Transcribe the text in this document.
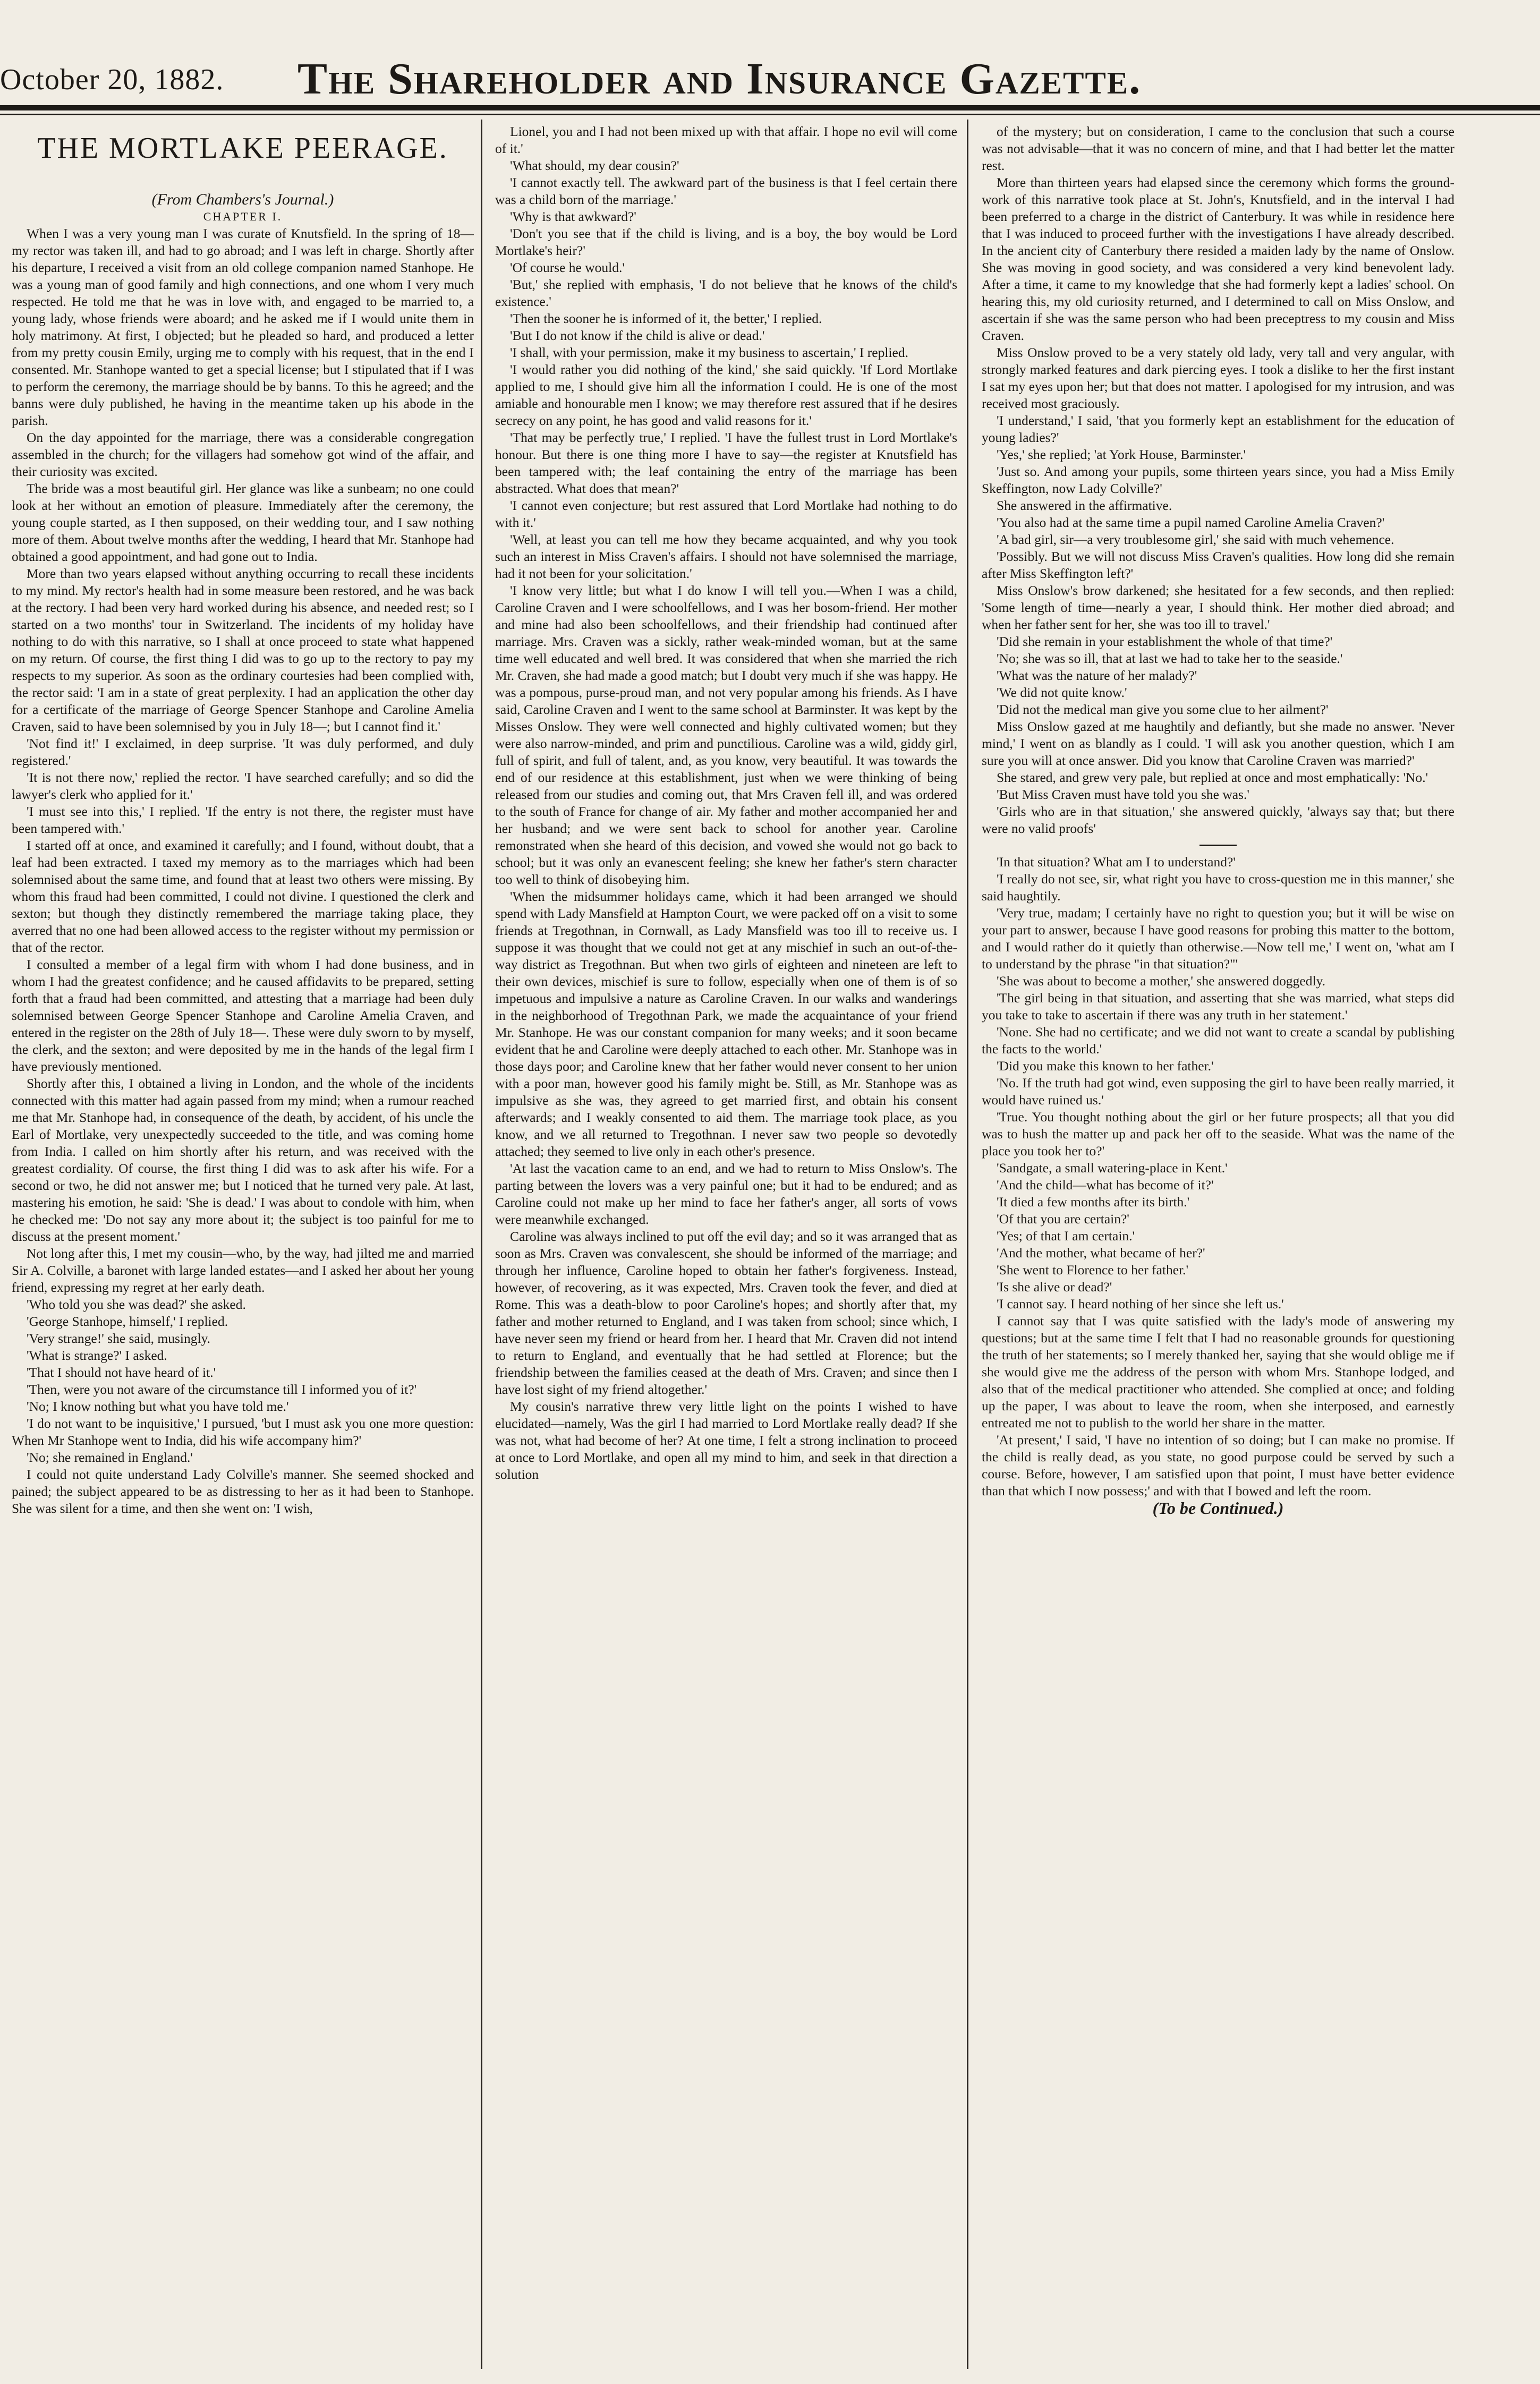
October 20, 1882. The Shareholder and Insurance Gazette.
THE MORTLAKE PEERAGE.

(From Chambers's Journal.)

CHAPTER I.

When I was a very young man I was curate of Knutsfield. In the spring of 18— my rector was taken ill, and had to go abroad; and I was left in charge. Shortly after his departure, I received a visit from an old college companion named Stanhope. He was a young man of good family and high connections, and one whom I very much respected. He told me that he was in love with, and engaged to be married to, a young lady, whose friends were aboard; and he asked me if I would unite them in holy matrimony. At first, I objected; but he pleaded so hard, and produced a letter from my pretty cousin Emily, urging me to comply with his request, that in the end I consented. Mr. Stanhope wanted to get a special license; but I stipulated that if I was to perform the ceremony, the marriage should be by banns. To this he agreed; and the banns were duly published, he having in the meantime taken up his abode in the parish.

On the day appointed for the marriage, there was a considerable congregation assembled in the church; for the villagers had somehow got wind of the affair, and their curiosity was excited.

The bride was a most beautiful girl. Her glance was like a sunbeam; no one could look at her without an emotion of pleasure. Immediately after the ceremony, the young couple started, as I then supposed, on their wedding tour, and I saw nothing more of them. About twelve months after the wedding, I heard that Mr. Stanhope had obtained a good appointment, and had gone out to India.

More than two years elapsed without anything occurring to recall these incidents to my mind. My rector's health had in some measure been restored, and he was back at the rectory. I had been very hard worked during his absence, and needed rest; so I started on a two months' tour in Switzerland. The incidents of my holiday have nothing to do with this narrative, so I shall at once proceed to state what happened on my return. Of course, the first thing I did was to go up to the rectory to pay my respects to my superior. As soon as the ordinary courtesies had been complied with, the rector said: 'I am in a state of great perplexity. I had an application the other day for a certificate of the marriage of George Spencer Stanhope and Caroline Amelia Craven, said to have been solemnised by you in July 18—; but I cannot find it.'

'Not find it!' I exclaimed, in deep surprise. 'It was duly performed, and duly registered.'

'It is not there now,' replied the rector. 'I have searched carefully; and so did the lawyer's clerk who applied for it.'

'I must see into this,' I replied. 'If the entry is not there, the register must have been tampered with.'

I started off at once, and examined it carefully; and I found, without doubt, that a leaf had been extracted. I taxed my memory as to the marriages which had been solemnised about the same time, and found that at least two others were missing. By whom this fraud had been committed, I could not divine. I questioned the clerk and sexton; but though they distinctly remembered the marriage taking place, they averred that no one had been allowed access to the register without my permission or that of the rector.

I consulted a member of a legal firm with whom I had done business, and in whom I had the greatest confidence; and he caused affidavits to be prepared, setting forth that a fraud had been committed, and attesting that a marriage had been duly solemnised between George Spencer Stanhope and Caroline Amelia Craven, and entered in the register on the 28th of July 18—. These were duly sworn to by myself, the clerk, and the sexton; and were deposited by me in the hands of the legal firm I have previously mentioned.

Shortly after this, I obtained a living in London, and the whole of the incidents connected with this matter had again passed from my mind; when a rumour reached me that Mr. Stanhope had, in consequence of the death, by accident, of his uncle the Earl of Mortlake, very unexpectedly succeeded to the title, and was coming home from India. I called on him shortly after his return, and was received with the greatest cordiality. Of course, the first thing I did was to ask after his wife. For a second or two, he did not answer me; but I noticed that he turned very pale. At last, mastering his emotion, he said: 'She is dead.' I was about to condole with him, when he checked me: 'Do not say any more about it; the subject is too painful for me to discuss at the present moment.'

Not long after this, I met my cousin—who, by the way, had jilted me and married Sir A. Colville, a baronet with large landed estates—and I asked her about her young friend, expressing my regret at her early death.

'Who told you she was dead?' she asked.

'George Stanhope, himself,' I replied.

'Very strange!' she said, musingly.

'What is strange?' I asked.

'That I should not have heard of it.'

'Then, were you not aware of the circumstance till I informed you of it?'

'No; I know nothing but what you have told me.'

'I do not want to be inquisitive,' I pursued, 'but I must ask you one more question: When Mr Stanhope went to India, did his wife accompany him?'

'No; she remained in England.'

I could not quite understand Lady Colville's manner. She seemed shocked and pained; the subject appeared to be as distressing to her as it had been to Stanhope. She was silent for a time, and then she went on: 'I wish,

Lionel, you and I had not been mixed up with that affair. I hope no evil will come of it.'

'What should, my dear cousin?'

'I cannot exactly tell. The awkward part of the business is that I feel certain there was a child born of the marriage.'

'Why is that awkward?'

'Don't you see that if the child is living, and is a boy, the boy would be Lord Mortlake's heir?'

'Of course he would.'

'But,' she replied with emphasis, 'I do not believe that he knows of the child's existence.'

'Then the sooner he is informed of it, the better,' I replied.

'But I do not know if the child is alive or dead.'

'I shall, with your permission, make it my business to ascertain,' I replied.

'I would rather you did nothing of the kind,' she said quickly. 'If Lord Mortlake applied to me, I should give him all the information I could. He is one of the most amiable and honourable men I know; we may therefore rest assured that if he desires secrecy on any point, he has good and valid reasons for it.'

'That may be perfectly true,' I replied. 'I have the fullest trust in Lord Mortlake's honour. But there is one thing more I have to say—the register at Knutsfield has been tampered with; the leaf containing the entry of the marriage has been abstracted. What does that mean?'

'I cannot even conjecture; but rest assured that Lord Mortlake had nothing to do with it.'

'Well, at least you can tell me how they became acquainted, and why you took such an interest in Miss Craven's affairs. I should not have solemnised the marriage, had it not been for your solicitation.'

'I know very little; but what I do know I will tell you.—When I was a child, Caroline Craven and I were schoolfellows, and I was her bosom-friend. Her mother and mine had also been schoolfellows, and their friendship had continued after marriage. Mrs. Craven was a sickly, rather weak-minded woman, but at the same time well educated and well bred. It was considered that when she married the rich Mr. Craven, she had made a good match; but I doubt very much if she was happy. He was a pompous, purse-proud man, and not very popular among his friends. As I have said, Caroline Craven and I went to the same school at Barminster. It was kept by the Misses Onslow. They were well connected and highly cultivated women; but they were also narrow-minded, and prim and punctilious. Caroline was a wild, giddy girl, full of spirit, and full of talent, and, as you know, very beautiful. It was towards the end of our residence at this establishment, just when we were thinking of being released from our studies and coming out, that Mrs Craven fell ill, and was ordered to the south of France for change of air. My father and mother accompanied her and her husband; and we were sent back to school for another year. Caroline remonstrated when she heard of this decision, and vowed she would not go back to school; but it was only an evanescent feeling; she knew her father's stern character too well to think of disobeying him.

'When the midsummer holidays came, which it had been arranged we should spend with Lady Mansfield at Hampton Court, we were packed off on a visit to some friends at Tregothnan, in Cornwall, as Lady Mansfield was too ill to receive us. I suppose it was thought that we could not get at any mischief in such an out-of-the-way district as Tregothnan. But when two girls of eighteen and nineteen are left to their own devices, mischief is sure to follow, especially when one of them is of so impetuous and impulsive a nature as Caroline Craven. In our walks and wanderings in the neighborhood of Tregothnan Park, we made the acquaintance of your friend Mr. Stanhope. He was our constant companion for many weeks; and it soon became evident that he and Caroline were deeply attached to each other. Mr. Stanhope was in those days poor; and Caroline knew that her father would never consent to her union with a poor man, however good his family might be. Still, as Mr. Stanhope was as impulsive as she was, they agreed to get married first, and obtain his consent afterwards; and I weakly consented to aid them. The marriage took place, as you know, and we all returned to Tregothnan. I never saw two people so devotedly attached; they seemed to live only in each other's presence.

'At last the vacation came to an end, and we had to return to Miss Onslow's. The parting between the lovers was a very painful one; but it had to be endured; and as Caroline could not make up her mind to face her father's anger, all sorts of vows were meanwhile exchanged.

Caroline was always inclined to put off the evil day; and so it was arranged that as soon as Mrs. Craven was convalescent, she should be informed of the marriage; and through her influence, Caroline hoped to obtain her father's forgiveness. Instead, however, of recovering, as it was expected, Mrs. Craven took the fever, and died at Rome. This was a death-blow to poor Caroline's hopes; and shortly after that, my father and mother returned to England, and I was taken from school; since which, I have never seen my friend or heard from her. I heard that Mr. Craven did not intend to return to England, and eventually that he had settled at Florence; but the friendship between the families ceased at the death of Mrs. Craven; and since then I have lost sight of my friend altogether.'

My cousin's narrative threw very little light on the points I wished to have elucidated—namely, Was the girl I had married to Lord Mortlake really dead? If she was not, what had become of her? At one time, I felt a strong inclination to proceed at once to Lord Mortlake, and open all my mind to him, and seek in that direction a solution

of the mystery; but on consideration, I came to the conclusion that such a course was not advisable—that it was no concern of mine, and that I had better let the matter rest.

More than thirteen years had elapsed since the ceremony which forms the ground-work of this narrative took place at St. John's, Knutsfield, and in the interval I had been preferred to a charge in the district of Canterbury. It was while in residence here that I was induced to proceed further with the investigations I have already described. In the ancient city of Canterbury there resided a maiden lady by the name of Onslow. She was moving in good society, and was considered a very kind benevolent lady. After a time, it came to my knowledge that she had formerly kept a ladies' school. On hearing this, my old curiosity returned, and I determined to call on Miss Onslow, and ascertain if she was the same person who had been preceptress to my cousin and Miss Craven.

Miss Onslow proved to be a very stately old lady, very tall and very angular, with strongly marked features and dark piercing eyes. I took a dislike to her the first instant I sat my eyes upon her; but that does not matter. I apologised for my intrusion, and was received most graciously.

'I understand,' I said, 'that you formerly kept an establishment for the education of young ladies?'

'Yes,' she replied; 'at York House, Barminster.'

'Just so. And among your pupils, some thirteen years since, you had a Miss Emily Skeffington, now Lady Colville?'

She answered in the affirmative.

'You also had at the same time a pupil named Caroline Amelia Craven?'

'A bad girl, sir—a very troublesome girl,' she said with much vehemence.

'Possibly. But we will not discuss Miss Craven's qualities. How long did she remain after Miss Skeffington left?'

Miss Onslow's brow darkened; she hesitated for a few seconds, and then replied: 'Some length of time—nearly a year, I should think. Her mother died abroad; and when her father sent for her, she was too ill to travel.'

'Did she remain in your establishment the whole of that time?'

'No; she was so ill, that at last we had to take her to the seaside.'

'What was the nature of her malady?'

'We did not quite know.'

'Did not the medical man give you some clue to her ailment?'

Miss Onslow gazed at me haughtily and defiantly, but she made no answer. 'Never mind,' I went on as blandly as I could. 'I will ask you another question, which I am sure you will at once answer. Did you know that Caroline Craven was married?'

She stared, and grew very pale, but replied at once and most emphatically: 'No.'

'But Miss Craven must have told you she was.'

'Girls who are in that situation,' she answered quickly, 'always say that; but there were no valid proofs'

'In that situation? What am I to understand?'

'I really do not see, sir, what right you have to cross-question me in this manner,' she said haughtily.

'Very true, madam; I certainly have no right to question you; but it will be wise on your part to answer, because I have good reasons for probing this matter to the bottom, and I would rather do it quietly than otherwise.—Now tell me,' I went on, 'what am I to understand by the phrase "in that situation?"'

'She was about to become a mother,' she answered doggedly.

'The girl being in that situation, and asserting that she was married, what steps did you take to take to ascertain if there was any truth in her statement.'

'None. She had no certificate; and we did not want to create a scandal by publishing the facts to the world.'

'Did you make this known to her father.'

'No. If the truth had got wind, even supposing the girl to have been really married, it would have ruined us.'

'True. You thought nothing about the girl or her future prospects; all that you did was to hush the matter up and pack her off to the seaside. What was the name of the place you took her to?'

'Sandgate, a small watering-place in Kent.'

'And the child—what has become of it?'

'It died a few months after its birth.'

'Of that you are certain?'

'Yes; of that I am certain.'

'And the mother, what became of her?'

'She went to Florence to her father.'

'Is she alive or dead?'

'I cannot say. I heard nothing of her since she left us.'

I cannot say that I was quite satisfied with the lady's mode of answering my questions; but at the same time I felt that I had no reasonable grounds for questioning the truth of her statements; so I merely thanked her, saying that she would oblige me if she would give me the address of the person with whom Mrs. Stanhope lodged, and also that of the medical practitioner who attended. She complied at once; and folding up the paper, I was about to leave the room, when she interposed, and earnestly entreated me not to publish to the world her share in the matter.

'At present,' I said, 'I have no intention of so doing; but I can make no promise. If the child is really dead, as you state, no good purpose could be served by such a course. Before, however, I am satisfied upon that point, I must have better evidence than that which I now possess;' and with that I bowed and left the room.

(To be Continued.)
